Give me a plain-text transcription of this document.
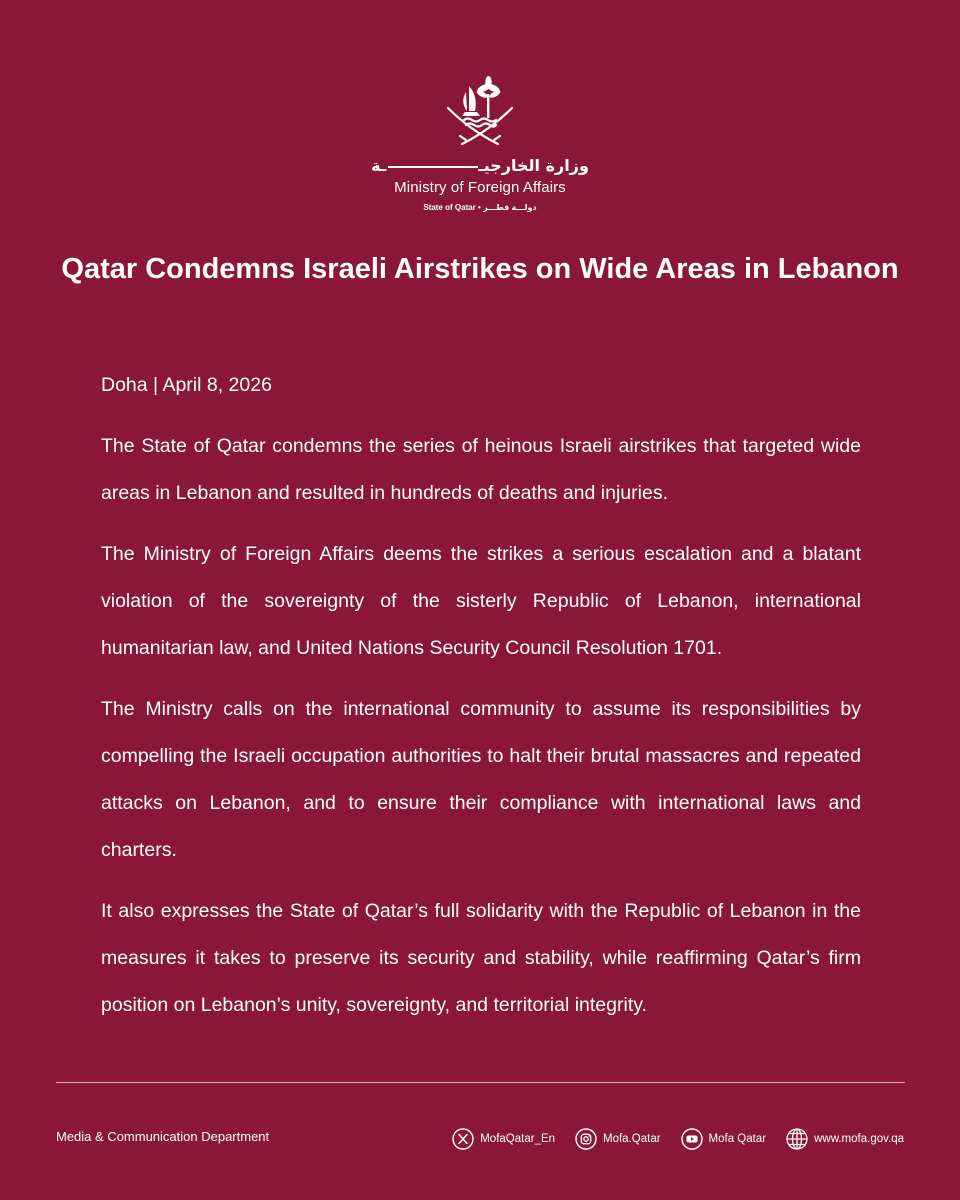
وزارة الخارجيــة
Ministry of Foreign Affairs
State of Qatar • دولـــة قطـــر
Qatar Condemns Israeli Airstrikes on Wide Areas in Lebanon

Doha | April 8, 2026

The State of Qatar condemns the series of heinous Israeli airstrikes that targeted wide areas in Lebanon and resulted in hundreds of deaths and injuries.

The Ministry of Foreign Affairs deems the strikes a serious escalation and a blatant violation of the sovereignty of the sisterly Republic of Lebanon, international humanitarian law, and United Nations Security Council Resolution 1701.

The Ministry calls on the international community to assume its responsibilities by compelling the Israeli occupation authorities to halt their brutal massacres and repeated attacks on Lebanon, and to ensure their compliance with international laws and charters.

It also expresses the State of Qatar’s full solidarity with the Republic of Lebanon in the measures it takes to preserve its security and stability, while reaffirming Qatar’s firm position on Lebanon’s unity, sovereignty, and territorial integrity.

Media & Communication Department	MofaQatar_En	Mofa.Qatar	Mofa Qatar	www.mofa.gov.qa
